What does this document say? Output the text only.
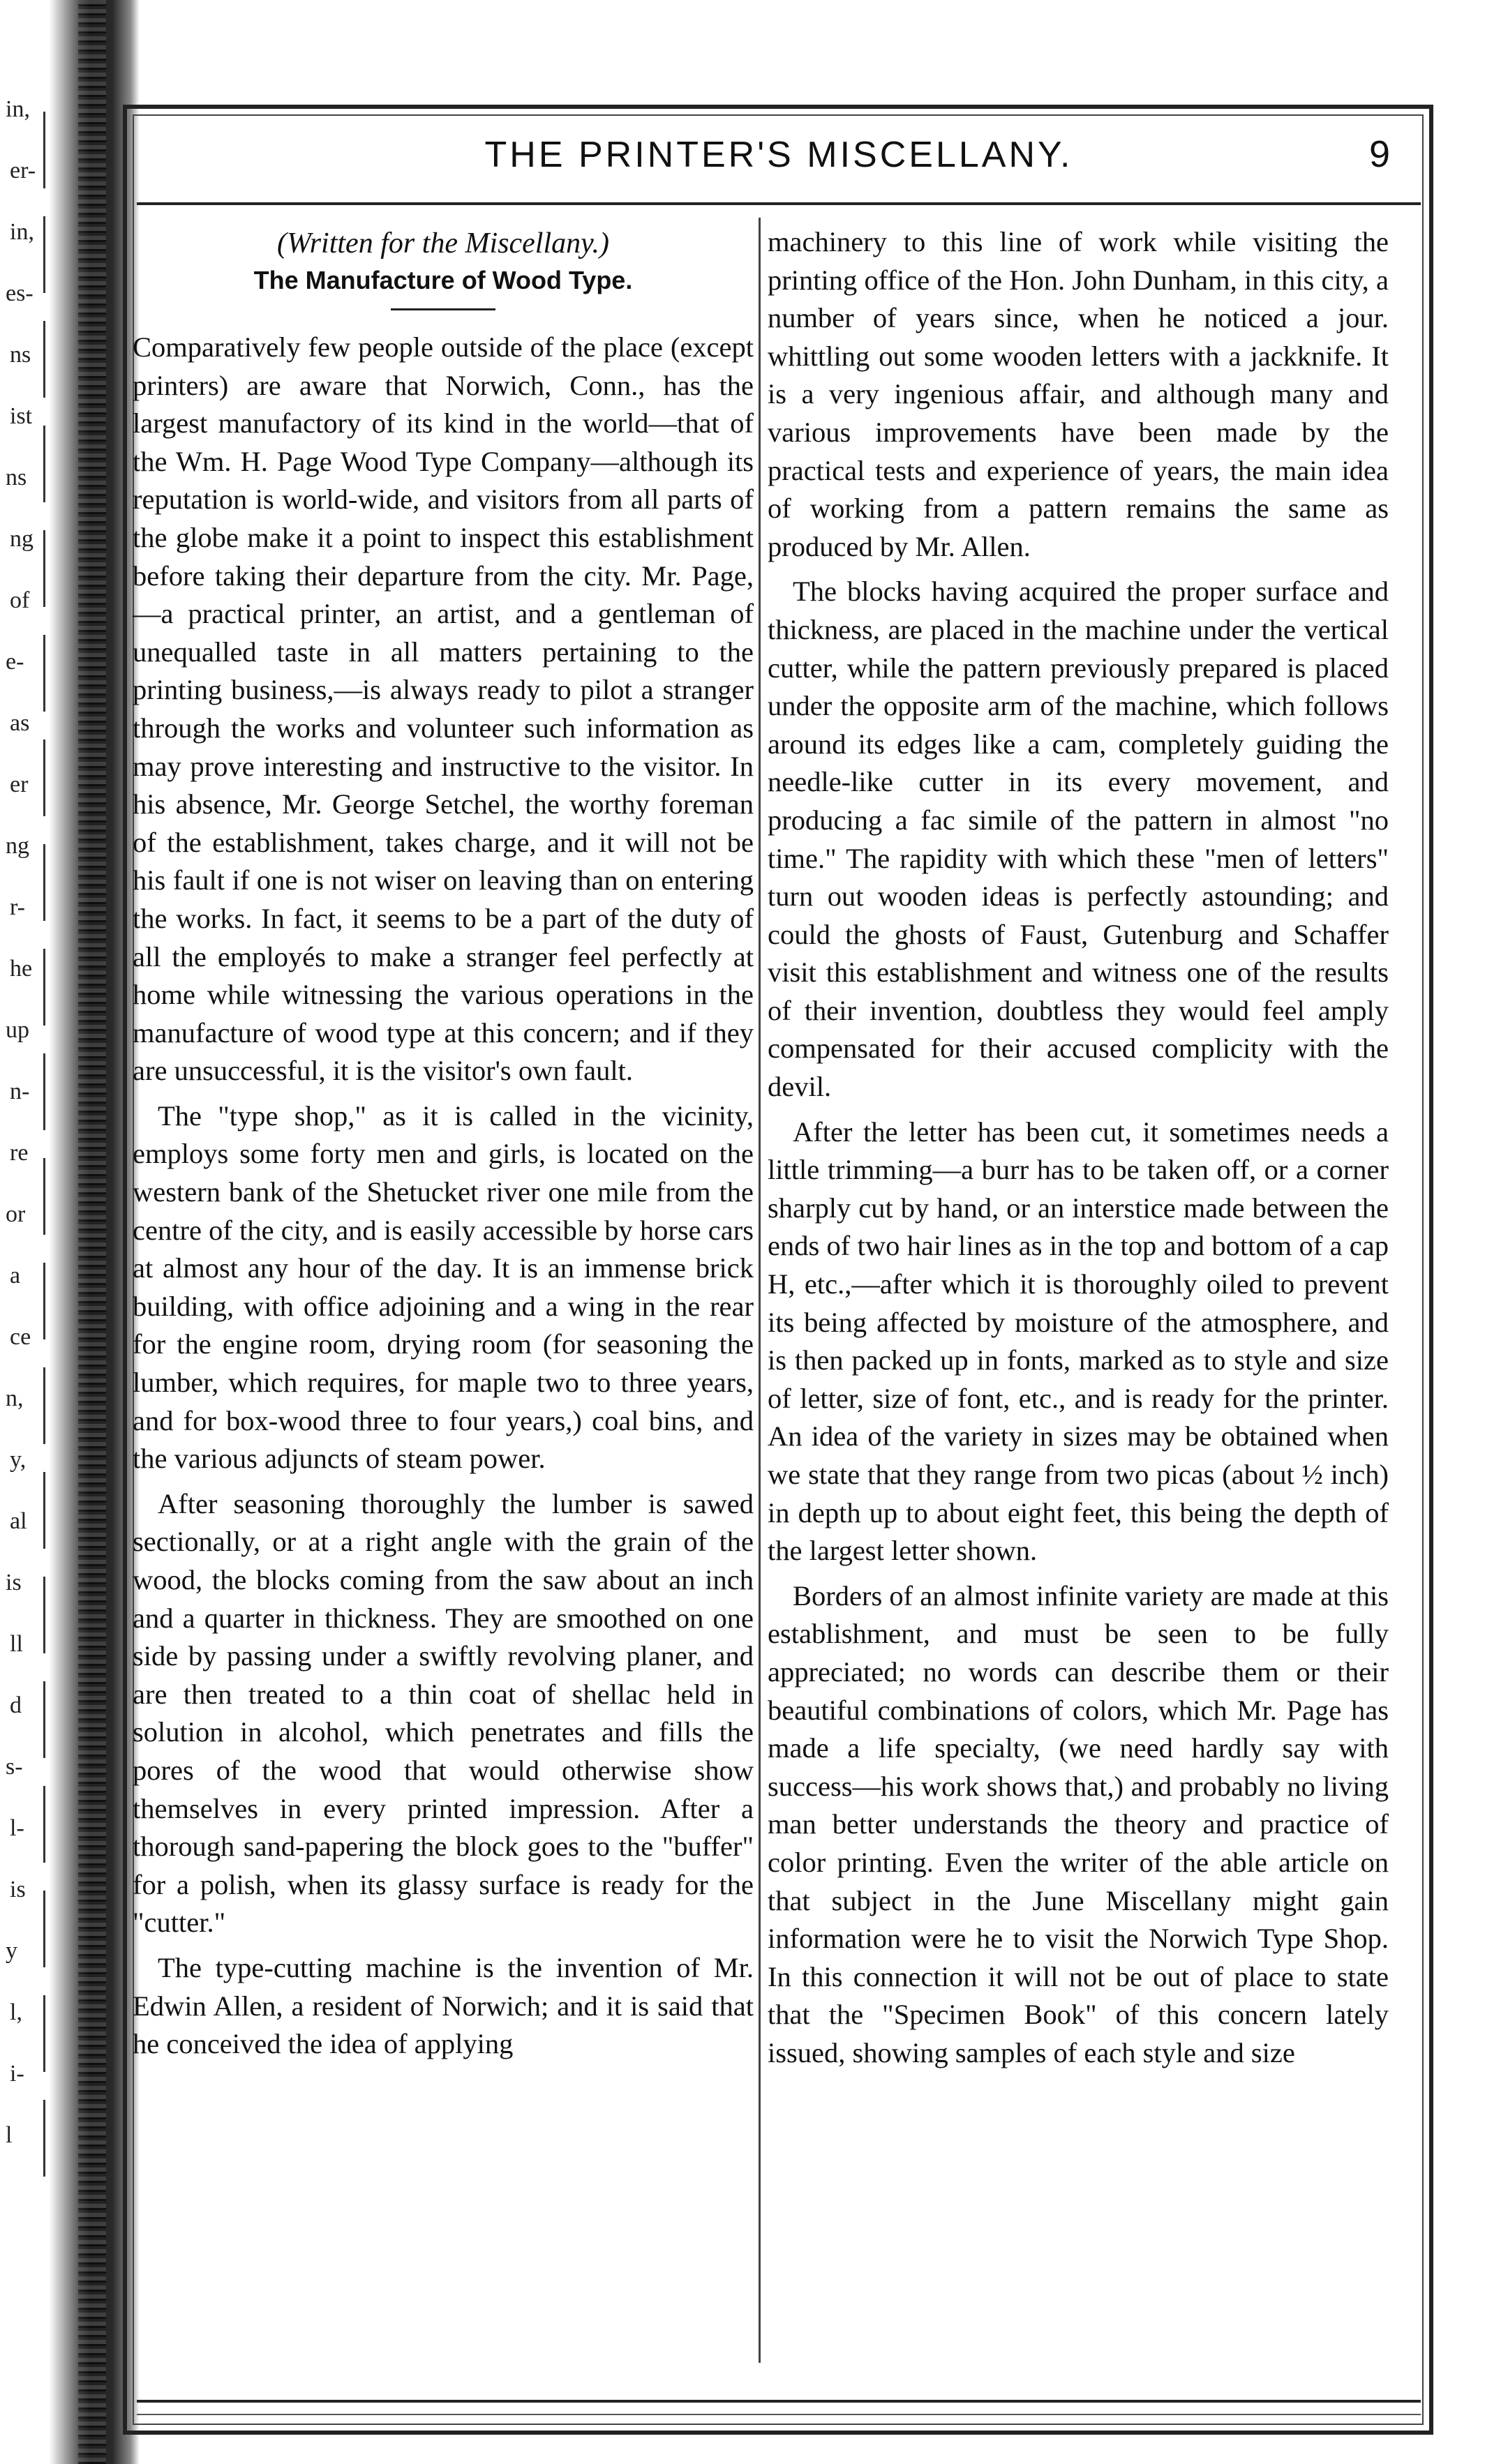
in,
er-
in,
es-
ns
ist
ns
ng
of
e-
as
er
ng
r-
he
up
n-
re
or
a
ce
n,
y,
al
is
ll
d
s-
l-
is
y
l,
i-
l
THE PRINTER'S MISCELLANY.	9
(Written for the Miscellany.)
The Manufacture of Wood Type.

Comparatively few people outside of the place (except printers) are aware that Norwich, Conn., has the largest manufactory of its kind in the world—that of the Wm. H. Page Wood Type Company—although its reputation is world-wide, and visitors from all parts of the globe make it a point to inspect this establishment before taking their departure from the city. Mr. Page,—a practical printer, an artist, and a gentleman of unequalled taste in all matters pertaining to the printing business,—is always ready to pilot a stranger through the works and volunteer such information as may prove interesting and instructive to the visitor. In his absence, Mr. George Setchel, the worthy foreman of the establishment, takes charge, and it will not be his fault if one is not wiser on leaving than on entering the works. In fact, it seems to be a part of the duty of all the employés to make a stranger feel perfectly at home while witnessing the various operations in the manufacture of wood type at this concern; and if they are unsuccessful, it is the visitor's own fault.

The "type shop," as it is called in the vicinity, employs some forty men and girls, is located on the western bank of the Shetucket river one mile from the centre of the city, and is easily accessible by horse cars at almost any hour of the day. It is an immense brick building, with office adjoining and a wing in the rear for the engine room, drying room (for seasoning the lumber, which requires, for maple two to three years, and for box-wood three to four years,) coal bins, and the various adjuncts of steam power.

After seasoning thoroughly the lumber is sawed sectionally, or at a right angle with the grain of the wood, the blocks coming from the saw about an inch and a quarter in thickness. They are smoothed on one side by passing under a swiftly revolving planer, and are then treated to a thin coat of shellac held in solution in alcohol, which penetrates and fills the pores of the wood that would otherwise show themselves in every printed impression. After a thorough sand-papering the block goes to the "buffer" for a polish, when its glassy surface is ready for the "cutter."

The type-cutting machine is the invention of Mr. Edwin Allen, a resident of Norwich; and it is said that he conceived the idea of applying

machinery to this line of work while visiting the printing office of the Hon. John Dunham, in this city, a number of years since, when he noticed a jour. whittling out some wooden letters with a jackknife. It is a very ingenious affair, and although many and various improvements have been made by the practical tests and experience of years, the main idea of working from a pattern remains the same as produced by Mr. Allen.

The blocks having acquired the proper surface and thickness, are placed in the machine under the vertical cutter, while the pattern previously prepared is placed under the opposite arm of the machine, which follows around its edges like a cam, completely guiding the needle-like cutter in its every movement, and producing a fac simile of the pattern in almost "no time." The rapidity with which these "men of letters" turn out wooden ideas is perfectly astounding; and could the ghosts of Faust, Gutenburg and Schaffer visit this establishment and witness one of the results of their invention, doubtless they would feel amply compensated for their accused complicity with the devil.

After the letter has been cut, it sometimes needs a little trimming—a burr has to be taken off, or a corner sharply cut by hand, or an interstice made between the ends of two hair lines as in the top and bottom of a cap H, etc.,—after which it is thoroughly oiled to prevent its being affected by moisture of the atmosphere, and is then packed up in fonts, marked as to style and size of letter, size of font, etc., and is ready for the printer. An idea of the variety in sizes may be obtained when we state that they range from two picas (about ½ inch) in depth up to about eight feet, this being the depth of the largest letter shown.

Borders of an almost infinite variety are made at this establishment, and must be seen to be fully appreciated; no words can describe them or their beautiful combinations of colors, which Mr. Page has made a life specialty, (we need hardly say with success—his work shows that,) and probably no living man better understands the theory and practice of color printing. Even the writer of the able article on that subject in the June Miscellany might gain information were he to visit the Norwich Type Shop. In this connection it will not be out of place to state that the "Specimen Book" of this concern lately issued, showing samples of each style and size
